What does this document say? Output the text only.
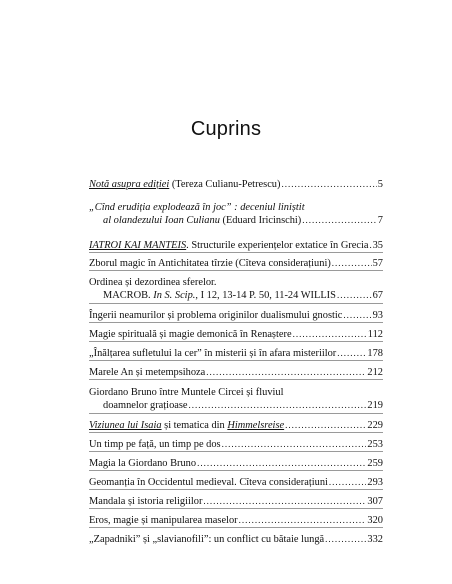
Cuprins
Notă asupra ediției (Tereza Culianu-Petrescu) .....	5
„Cînd erudiția explodează în joc” : deceniul liniștit
al olandezului Ioan Culianu (Eduard Iricinschi) .....	7
IATROI KAI MANTEIS. Structurile experiențelor extatice în Grecia ..... 35
Zborul magic în Antichitatea tîrzie (Cîteva considerațiuni) .....	57
Ordinea și dezordinea sferelor.
MACROB. In S. Scip., I 12, 13-14 P. 50, 11-24 WILLIS .....	67
Îngerii neamurilor și problema originilor dualismului gnostic .....	93
Magie spirituală și magie demonică în Renaștere .....	112
„Înălțarea sufletului la cer” în misterii și în afara misteriilor .....	178
Marele An și metempsihoza .....	212
Giordano Bruno între Muntele Circei și fluviul
doamnelor grațioase .....	219
Viziunea lui Isaia și tematica din Himmelsreise .....	229
Un timp pe față, un timp pe dos .....	253
Magia la Giordano Bruno .....	259
Geomanția în Occidentul medieval. Cîteva considerațiuni .....	293
Mandala și istoria religiilor .....	307
Eros, magie și manipularea maselor .....	320
„Zapadniki” și „slavianofili”: un conflict cu bătaie lungă .....	332
